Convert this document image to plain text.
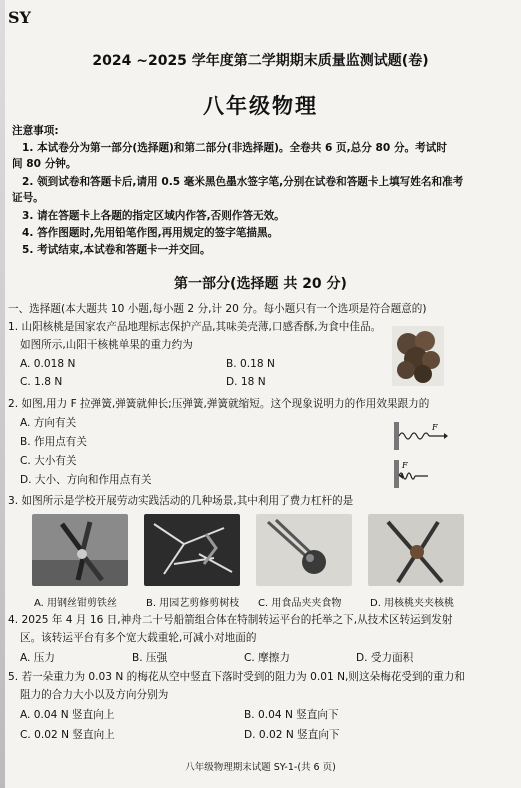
SY
2024 ~2025 学年度第二学期期末质量监测试题(卷)
八年级物理
注意事项:
1. 本试卷分为第一部分(选择题)和第二部分(非选择题)。全卷共 6 页,总分 80 分。考试时
间 80 分钟。
2. 领到试卷和答题卡后,请用 0.5 毫米黑色墨水签字笔,分别在试卷和答题卡上填写姓名和准考
证号。
3. 请在答题卡上各题的指定区域内作答,否则作答无效。
4. 答作图题时,先用铅笔作图,再用规定的签字笔描黑。
5. 考试结束,本试卷和答题卡一并交回。
第一部分(选择题 共 20 分)
一、选择题(本大题共 10 小题,每小题 2 分,计 20 分。每小题只有一个选项是符合题意的)
1. 山阳核桃是国家农产品地理标志保护产品,其味美壳薄,口感香酥,为食中佳品。
如图所示,山阳干核桃单果的重力约为
A. 0.018 N	B. 0.18 N
C. 1.8 N	D. 18 N
2. 如图,用力 F 拉弹簧,弹簧就伸长;压弹簧,弹簧就缩短。这个现象说明力的作用效果跟力的
A. 方向有关
B. 作用点有关
C. 大小有关
D. 大小、方向和作用点有关
F
F
3. 如图所示是学校开展劳动实践活动的几种场景,其中利用了费力杠杆的是
A. 用钢丝钳剪铁丝	B. 用园艺剪修剪树枝 C. 用食品夹夹食物	D. 用核桃夹夹核桃
4. 2025 年 4 月 16 日,神舟二十号船箭组合体在特制转运平台的托举之下,从技术区转运到发射
区。该转运平台有多个宽大载重轮,可减小对地面的
A. 压力	B. 压强	C. 摩擦力	D. 受力面积
5. 若一朵重力为 0.03 N 的梅花从空中竖直下落时受到的阻力为 0.01 N,则这朵梅花受到的重力和
阻力的合力大小以及方向分别为
A. 0.04 N 竖直向上	B. 0.04 N 竖直向下
C. 0.02 N 竖直向上	D. 0.02 N 竖直向下
八年级物理期末试题 SY-1-(共 6 页)
